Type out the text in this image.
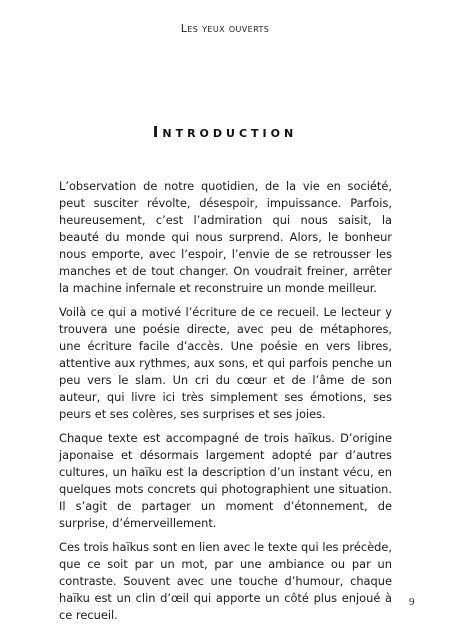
Les yeux ouverts
Introduction

L’observation de notre quotidien, de la vie en société, peut susciter révolte, désespoir, impuissance. Parfois, heureusement, c’est l’admiration qui nous saisit, la beauté du monde qui nous surprend. Alors, le bonheur nous emporte, avec l’espoir, l’envie de se retrousser les manches et de tout changer. On voudrait freiner, arrêter la machine infernale et reconstruire un monde meilleur.

Voilà ce qui a motivé l’écriture de ce recueil. Le lecteur y trouvera une poésie directe, avec peu de métaphores, une écriture facile d’accès. Une poésie en vers libres, attentive aux rythmes, aux sons, et qui parfois penche un peu vers le slam. Un cri du cœur et de l’âme de son auteur, qui livre ici très simplement ses émotions, ses peurs et ses colères, ses surprises et ses joies.

Chaque texte est accompagné de trois haïkus. D’origine japonaise et désormais largement adopté par d’autres cultures, un haïku est la description d’un instant vécu, en quelques mots concrets qui photographient une situation. Il s’agit de partager un moment d’étonnement, de surprise, d’émerveillement.

Ces trois haïkus sont en lien avec le texte qui les précède, que ce soit par un mot, par une ambiance ou par un contraste. Souvent avec une touche d’humour, chaque haïku est un clin d’œil qui apporte un côté plus enjoué à ce recueil.

9
